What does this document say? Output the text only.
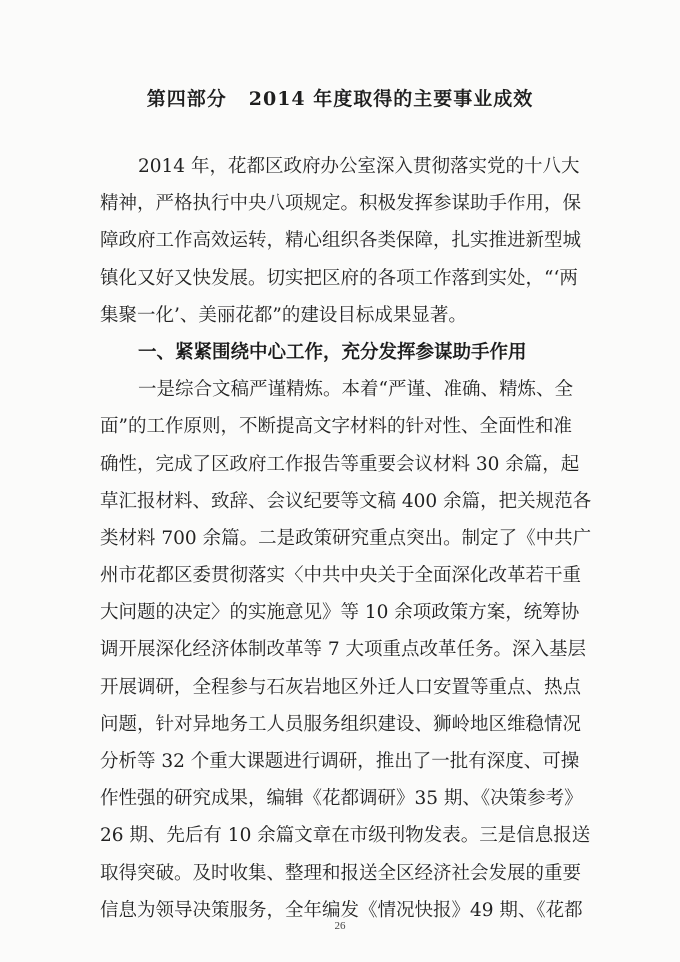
第四部分 2014 年度取得的主要事业成效
2014 年，花都区政府办公室深入贯彻落实党的十八大
精神，严格执行中央八项规定。积极发挥参谋助手作用，保
障政府工作高效运转，精心组织各类保障，扎实推进新型城
镇化又好又快发展。切实把区府的各项工作落到实处，“‘两
集聚一化’、美丽花都”的建设目标成果显著。
一、紧紧围绕中心工作，充分发挥参谋助手作用
一是综合文稿严谨精炼。本着“严谨、准确、精炼、全
面”的工作原则，不断提高文字材料的针对性、全面性和准
确性，完成了区政府工作报告等重要会议材料 30 余篇，起
草汇报材料、致辞、会议纪要等文稿 400 余篇，把关规范各
类材料 700 余篇。二是政策研究重点突出。制定了《中共广
州市花都区委贯彻落实〈中共中央关于全面深化改革若干重
大问题的决定〉的实施意见》等 10 余项政策方案，统筹协
调开展深化经济体制改革等 7 大项重点改革任务。深入基层
开展调研，全程参与石灰岩地区外迁人口安置等重点、热点
问题，针对异地务工人员服务组织建设、狮岭地区维稳情况
分析等 32 个重大课题进行调研，推出了一批有深度、可操
作性强的研究成果，编辑《花都调研》35 期、《决策参考》
26 期、先后有 10 余篇文章在市级刊物发表。三是信息报送
取得突破。及时收集、整理和报送全区经济社会发展的重要
信息为领导决策服务，全年编发《情况快报》49 期、《花都
26
